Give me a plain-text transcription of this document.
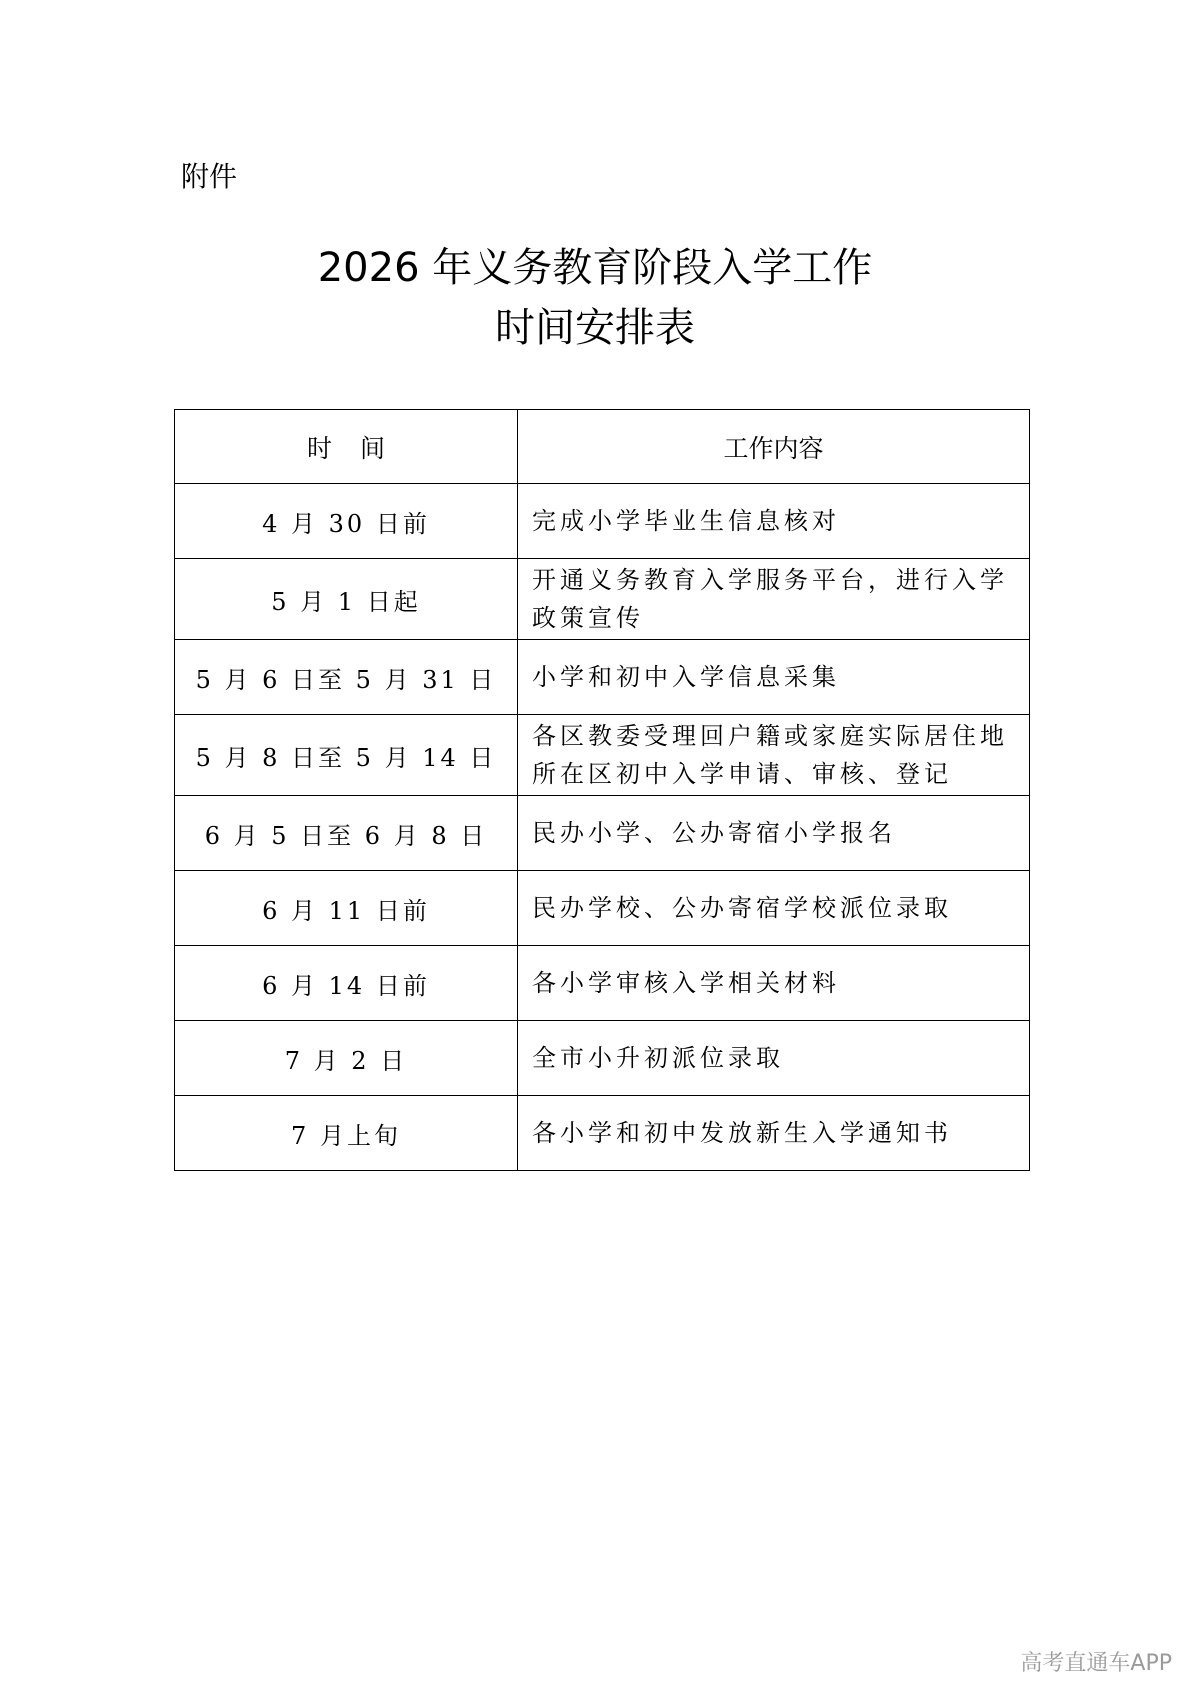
附件
2026 年义务教育阶段入学工作
时间安排表
时间	工作内容
4 月 30 日前	完成小学毕业生信息核对
5 月 1 日起	开通义务教育入学服务平台，进行入学政策宣传
5 月 6 日至 5 月 31 日	小学和初中入学信息采集
5 月 8 日至 5 月 14 日	各区教委受理回户籍或家庭实际居住地所在区初中入学申请、审核、登记
6 月 5 日至 6 月 8 日	民办小学、公办寄宿小学报名
6 月 11 日前	民办学校、公办寄宿学校派位录取
6 月 14 日前	各小学审核入学相关材料
7 月 2 日	全市小升初派位录取
7 月上旬	各小学和初中发放新生入学通知书
高考直通车APP
